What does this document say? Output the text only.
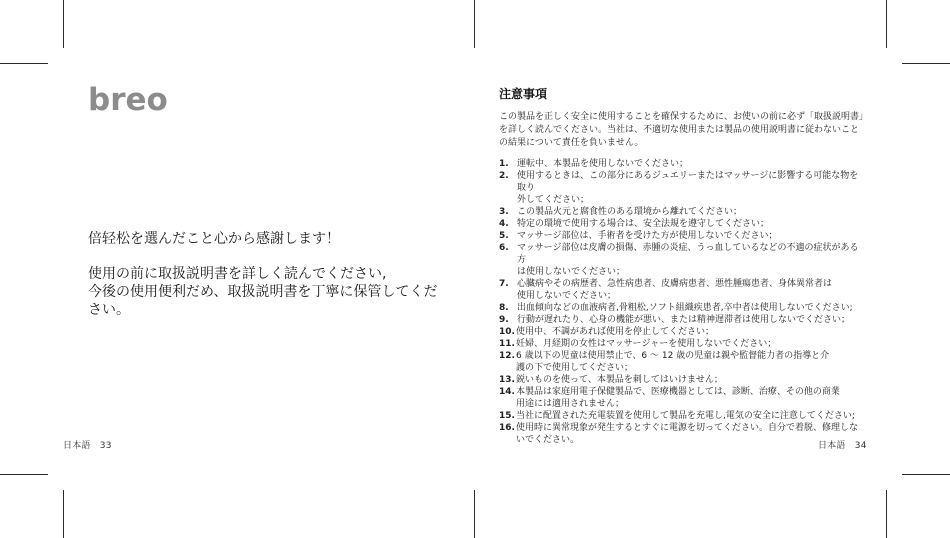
breo
倍轻松を選んだこと心から感謝します！
使用の前に取扱説明書を詳しく読んでください,
今後の使用便利だめ、取扱説明書を丁寧に保管してください。
日本語　33
注意事項
この製品を正しく安全に使用することを確保するために、お使いの前に必ず「取扱説明書」を詳しく読んでください。当社は、不適切な使用または製品の使用説明書に従わないことの結果について責任を負いません。
1. 運転中、本製品を使用しないでください；
2. 使用するときは、この部分にあるジュエリーまたはマッサージに影響する可能な物を取り
外してください；
3. この製品火元と腐食性のある環境から離れてください；
4. 特定の環境で使用する場合は、安全法規を遵守してください；
5. マッサージ部位は、手術者を受けた方が使用しないでください；
6. マッサージ部位は皮膚の損傷、赤腫の炎症、うっ血しているなどの不適の症状がある方
は使用しないでください；
7. 心臓病やその病歴者、急性病患者、皮膚病患者、悪性腫瘍患者、身体異常者は
使用しないでください；
8. 出血傾向などの血液病者,骨粗松,ソフト組織疾患者,卒中者は使用しないでください;
9. 行動が遅れたり、心身の機能が悪い、または精神遅滞者は使用しないでください；
10. 使用中、不調があれば使用を停止してください；
11. 妊婦、月経期の女性はマッサージャーを使用しないでください；
12. 6 歳以下の児童は使用禁止で、6 ～ 12 歳の児童は親や監督能力者の指導と介
護の下で使用してください；
13. 鋭いものを使って、本製品を刺してはいけません；
14. 本製品は家庭用電子保健製品で、医療機器としては、診断、治療、その他の商業
用途には適用されません；
15. 当社に配置された充電装置を使用して製品を充電し,電気の安全に注意してください;
16. 使用時に異常現象が発生するとすぐに電源を切ってください。自分で着脱、修理しな
いでください。
日本語　34
